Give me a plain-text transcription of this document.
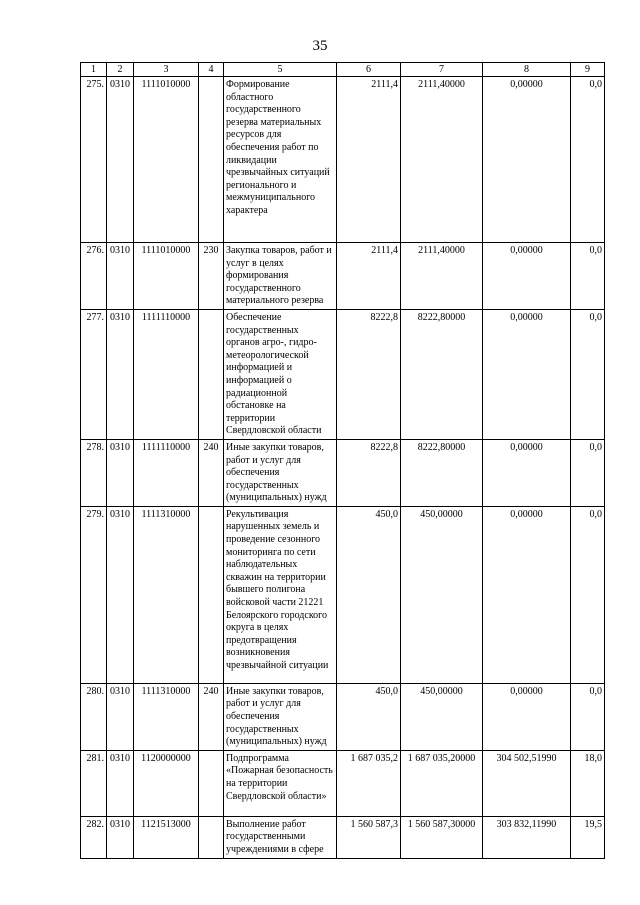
35
1	2	3	4	5	6	7	8	9
275.	0310	1111010000		Формирование областного государственного резерва материальных ресурсов для обеспечения работ по ликвидации чрезвычайных ситуаций регионального и межмуниципального характера	2111,4	2111,40000	0,00000	0,0
276.	0310	1111010000	230	Закупка товаров, работ и услуг в целях формирования государственного материального резерва	2111,4	2111,40000	0,00000	0,0
277.	0310	1111110000		Обеспечение государственных органов агро-, гидро-метеорологической информацией и информацией о радиационной обстановке на территории Свердловской области	8222,8	8222,80000	0,00000	0,0
278.	0310	1111110000	240	Иные закупки товаров, работ и услуг для обеспечения государственных (муниципальных) нужд	8222,8	8222,80000	0,00000	0,0
279.	0310	1111310000		Рекультивация нарушенных земель и проведение сезонного мониторинга по сети наблюдательных скважин на территории бывшего полигона войсковой части 21221 Белоярского городского округа в целях предотвращения возникновения чрезвычайной ситуации	450,0	450,00000	0,00000	0,0
280.	0310	1111310000	240	Иные закупки товаров, работ и услуг для обеспечения государственных (муниципальных) нужд	450,0	450,00000	0,00000	0,0
281.	0310	1120000000		Подпрограмма «Пожарная безопасность на территории Свердловской области»	1 687 035,2	1 687 035,20000	304 502,51990	18,0
282.	0310	1121513000		Выполнение работ государственными учреждениями в сфере	1 560 587,3	1 560 587,30000	303 832,11990	19,5
